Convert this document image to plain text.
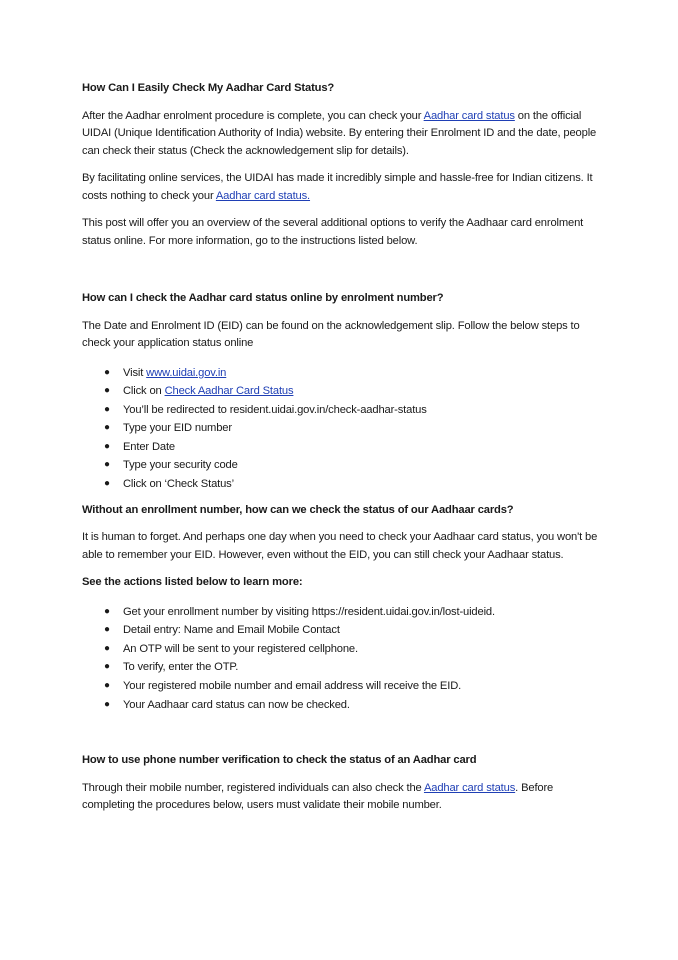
How Can I Easily Check My Aadhar Card Status?

After the Aadhar enrolment procedure is complete, you can check your Aadhar card status on the official UIDAI (Unique Identification Authority of India) website. By entering their Enrolment ID and the date, people can check their status (Check the acknowledgement slip for details).

By facilitating online services, the UIDAI has made it incredibly simple and hassle-free for Indian citizens. It costs nothing to check your Aadhar card status.

This post will offer you an overview of the several additional options to verify the Aadhaar card enrolment status online. For more information, go to the instructions listed below.

How can I check the Aadhar card status online by enrolment number?

The Date and Enrolment ID (EID) can be found on the acknowledgement slip. Follow the below steps to check your application status online

● Visit www.uidai.gov.in
● Click on Check Aadhar Card Status
● You’ll be redirected to resident.uidai.gov.in/check-aadhar-status
● Type your EID number
● Enter Date
● Type your security code
● Click on ‘Check Status’
Without an enrollment number, how can we check the status of our Aadhaar cards?

It is human to forget. And perhaps one day when you need to check your Aadhaar card status, you won't be able to remember your EID. However, even without the EID, you can still check your Aadhaar status.

See the actions listed below to learn more:
● Get your enrollment number by visiting https://resident.uidai.gov.in/lost-uideid.
● Detail entry: Name and Email Mobile Contact
● An OTP will be sent to your registered cellphone.
● To verify, enter the OTP.
● Your registered mobile number and email address will receive the EID.
● Your Aadhaar card status can now be checked.
How to use phone number verification to check the status of an Aadhar card

Through their mobile number, registered individuals can also check the Aadhar card status. Before completing the procedures below, users must validate their mobile number.
